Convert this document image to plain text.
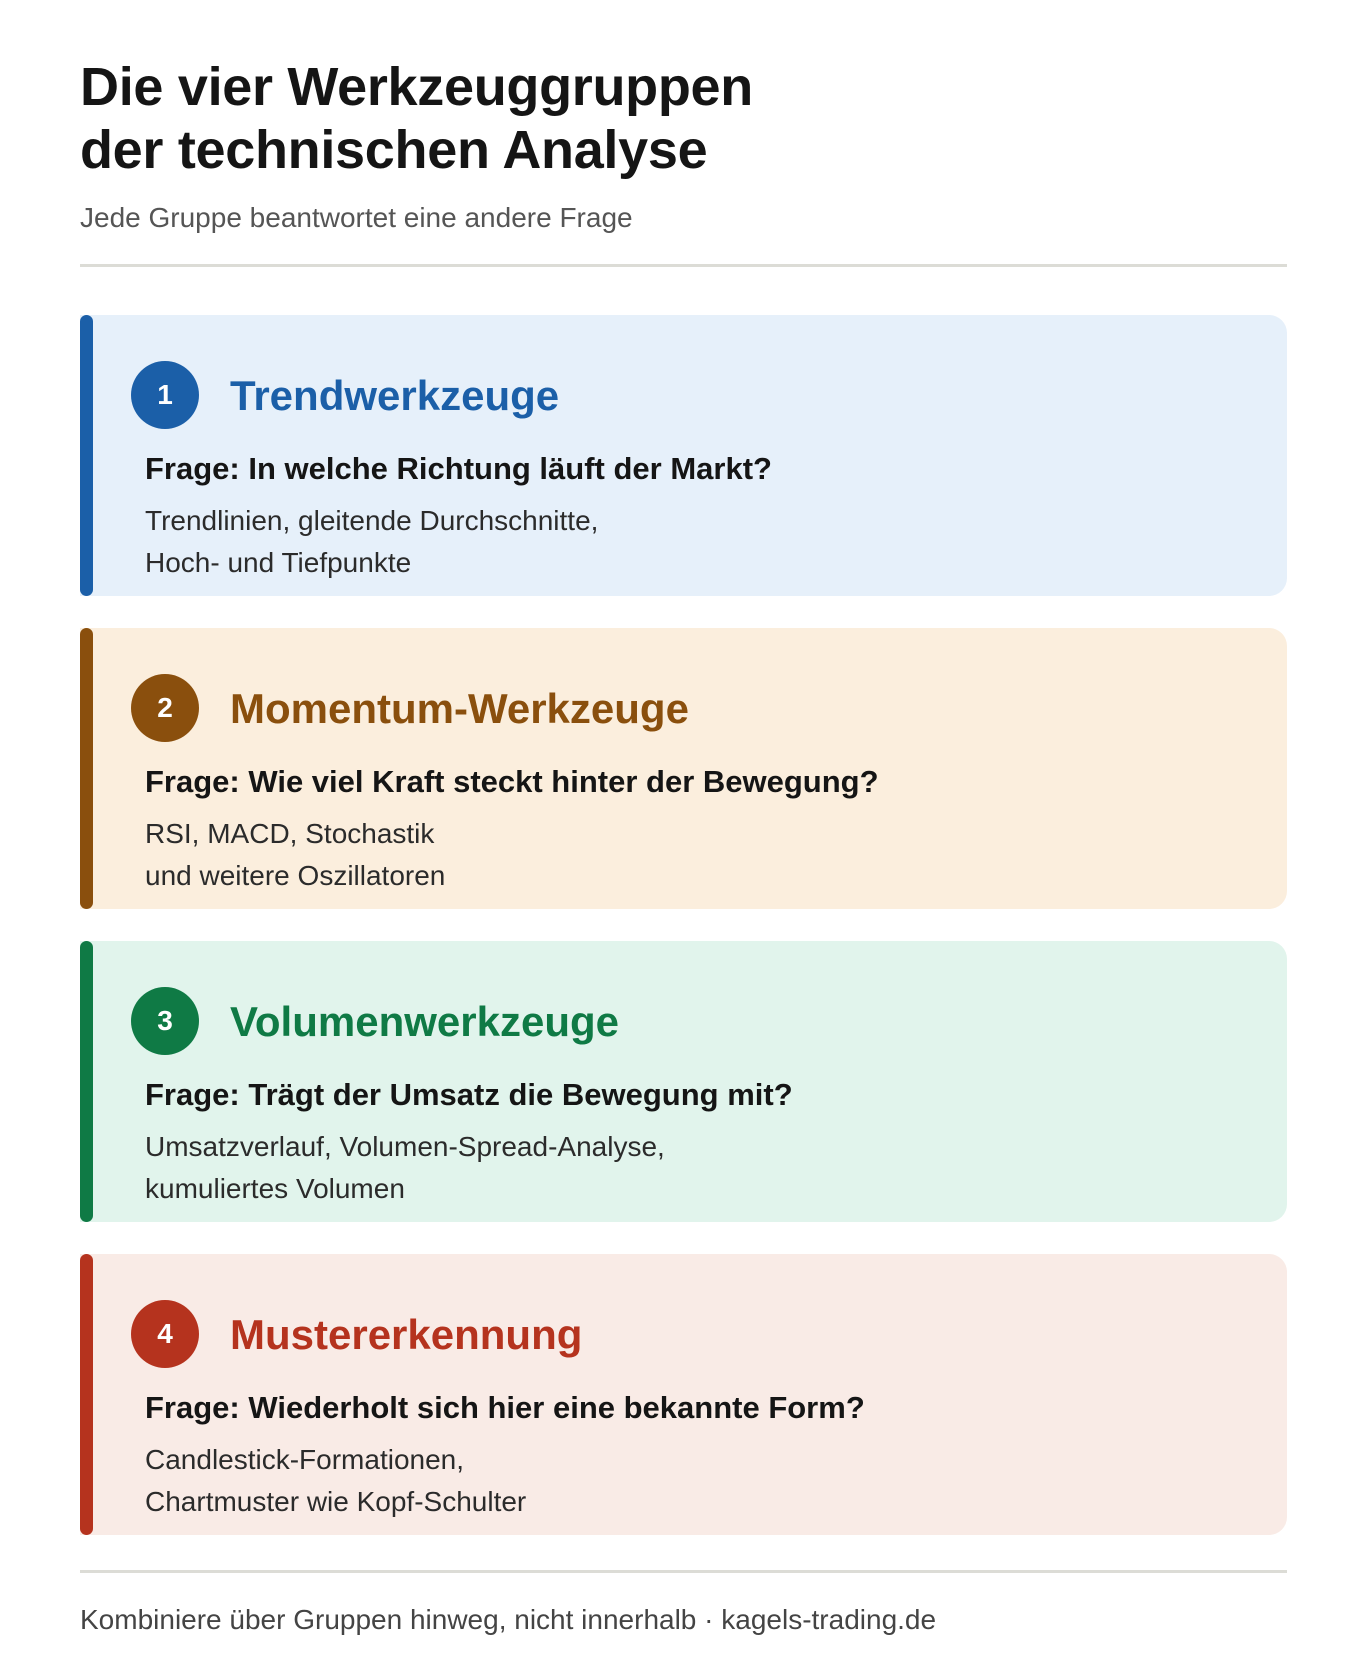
Die vier Werkzeuggruppen
der technischen Analyse
Jede Gruppe beantwortet eine andere Frage
1	Trendwerkzeuge
Frage: In welche Richtung läuft der Markt?
Trendlinien, gleitende Durchschnitte,
Hoch- und Tiefpunkte
2	Momentum-Werkzeuge
Frage: Wie viel Kraft steckt hinter der Bewegung?
RSI, MACD, Stochastik
und weitere Oszillatoren
3	Volumenwerkzeuge
Frage: Trägt der Umsatz die Bewegung mit?
Umsatzverlauf, Volumen-Spread-Analyse,
kumuliertes Volumen
4	Mustererkennung
Frage: Wiederholt sich hier eine bekannte Form?
Candlestick-Formationen,
Chartmuster wie Kopf-Schulter
Kombiniere über Gruppen hinweg, nicht innerhalb · kagels-trading.de
